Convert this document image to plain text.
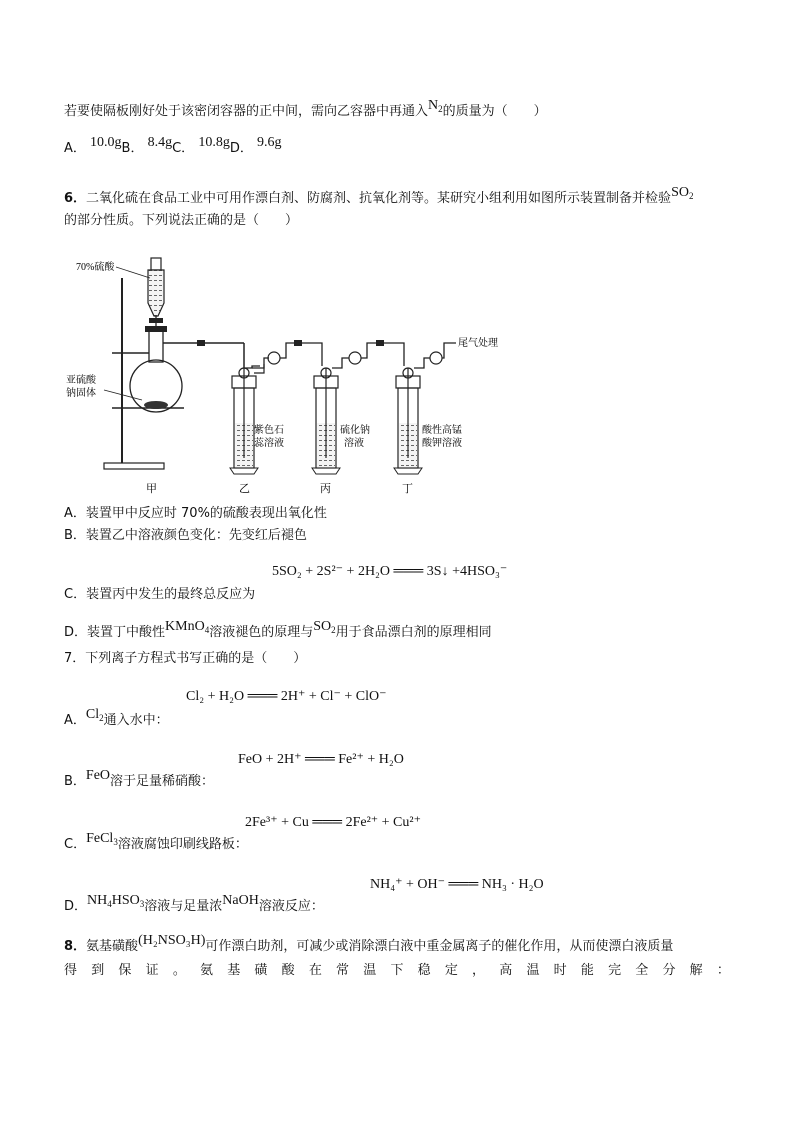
若要使隔板刚好处于该密闭容器的正中间，需向乙容器中再通入$N_2$的质量为（　　）
A． 10.0gB． 8.4gC． 10.8gD． 9.6g
6．二氧化硫在食品工业中可用作漂白剂、防腐剂、抗氧化剂等。某研究小组利用如图所示装置制备并检验$SO_2$
的部分性质。下列说法正确的是（　　）
70%硫酸
亚硫酸
钠固体
尾气处理
紫色石
蕊溶液
硫化钠
溶液
酸性高锰
酸钾溶液
甲	乙	丙	丁
A．装置甲中反应时 70%的硫酸表现出氧化性
B．装置乙中溶液颜色变化：先变红后褪色
5SO₂ + 2S²⁻ + 2H₂O ═══ 3S↓ +4HSO₃⁻
C．装置丙中发生的最终总反应为
D．装置丁中酸性KMnO$_4$溶液褪色的原理与$SO_2$用于食品漂白剂的原理相同
7．下列离子方程式书写正确的是（　　）
Cl₂ + H₂O ═══ 2H⁺ + Cl⁻ + ClO⁻
A．$Cl_2$通入水中：
FeO + 2H⁺ ═══ Fe²⁺ + H₂O
B．FeO溶于足量稀硝酸：
2Fe³⁺ + Cu ═══ 2Fe²⁺ + Cu²⁺
C．FeCl$_3$溶液腐蚀印刷线路板：
NH₄⁺ + OH⁻ ═══ NH₃ · H₂O
D．$NH_4HSO_3$溶液与足量浓NaOH溶液反应：
8．氨基磺酸(H₂NSO₃H)可作漂白助剂，可减少或消除漂白液中重金属离子的催化作用，从而使漂白液质量
得 到 保 证 。 氨 基 磺 酸 在 常 温 下 稳 定 ， 高 温 时 能 完 全 分 解 ：
